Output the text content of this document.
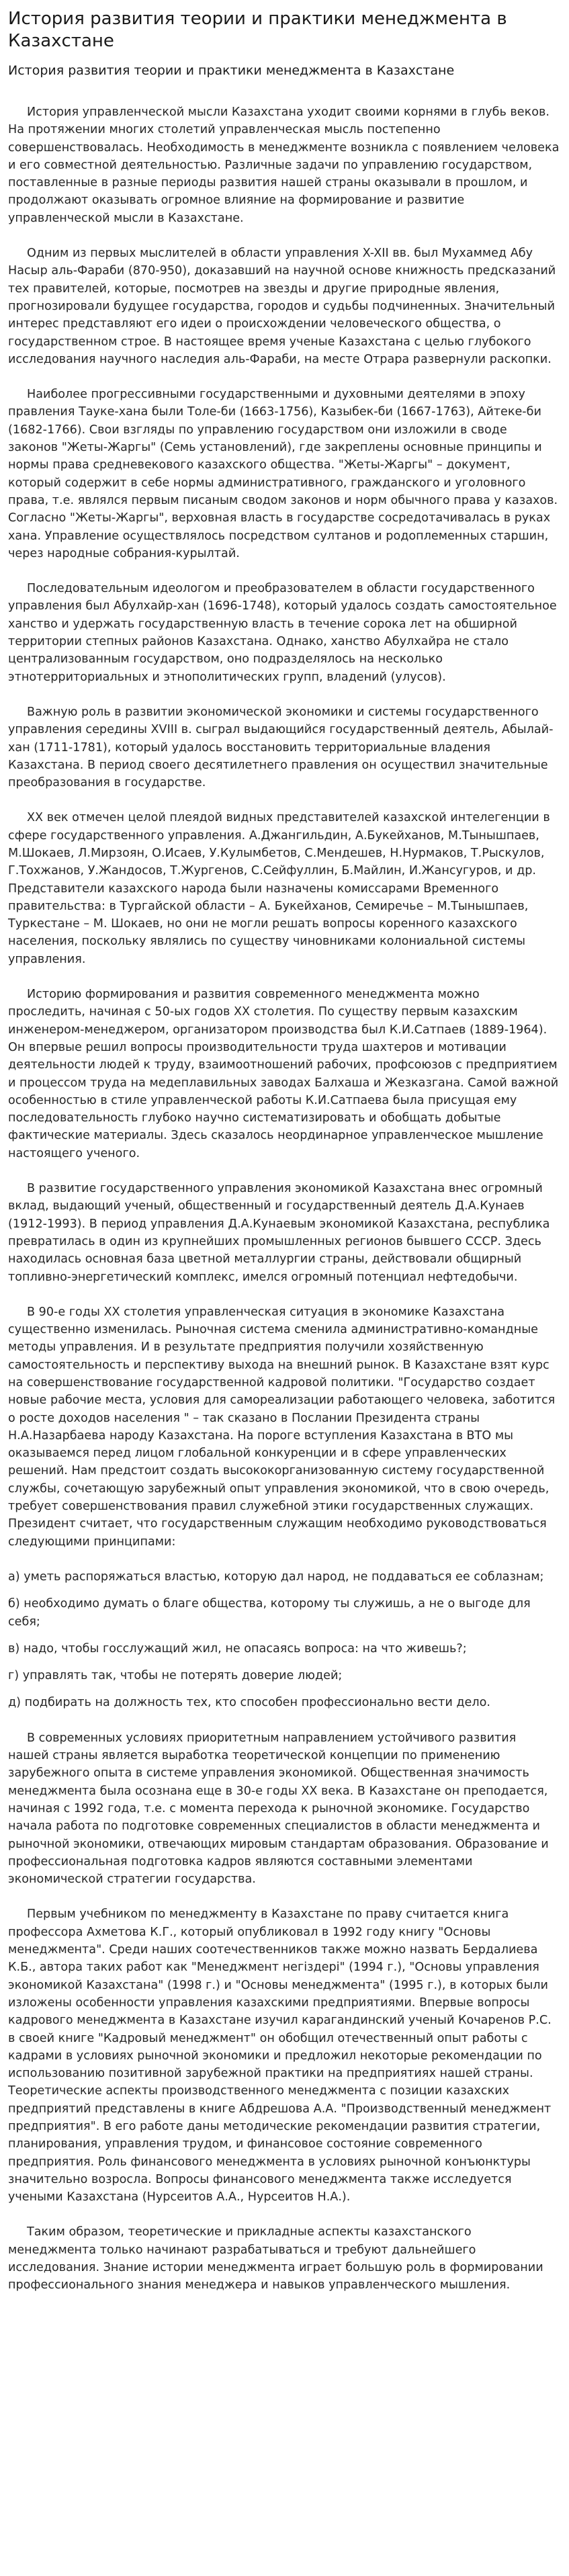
История развития теории и практики менеджмента в Казахстане
История развития теории и практики менеджмента в Казахстане

История управленческой мысли Казахстана уходит своими корнями в глубь веков. На протяжении многих столетий управленческая мысль постепенно совершенствовалась. Необходимость в менеджменте возникла с появлением человека и его совместной деятельностью. Различные задачи по управлению государством, поставленные в разные периоды развития нашей страны оказывали в прошлом, и продолжают оказывать огромное влияние на формирование и развитие управленческой мысли в Казахстане.

Одним из первых мыслителей в области управления X-XII вв. был Мухаммед Абу Насыр аль-Фараби (870-950), доказавший на научной основе книжность предсказаний тех правителей, которые, посмотрев на звезды и другие природные явления, прогнозировали будущее государства, городов и судьбы подчиненных. Значительный интерес представляют его идеи о происхождении человеческого общества, о государственном строе. В настоящее время ученые Казахстана с целью глубокого исследования научного наследия аль-Фараби, на месте Отрара развернули раскопки.

Наиболее прогрессивными государственными и духовными деятелями в эпоху правления Тауке-хана были Толе-би (1663-1756), Казыбек-би (1667-1763), Айтеке-би (1682-1766). Свои взгляды по управлению государством они изложили в своде законов "Жеты-Жаргы" (Семь установлений), где закреплены основные принципы и нормы права средневекового казахского общества. "Жеты-Жаргы" – документ, который содержит в себе нормы административного, гражданского и уголовного права, т.е. являлся первым писаным сводом законов и норм обычного права у казахов. Согласно "Жеты-Жаргы", верховная власть в государстве сосредотачивалась в руках хана. Управление осуществлялось посредством султанов и родоплеменных старшин, через народные собрания-курылтай.

Последовательным идеологом и преобразователем в области государственного управления был Абулхайр-хан (1696-1748), который удалось создать самостоятельное ханство и удержать государственную власть в течение сорока лет на обширной территории степных районов Казахстана. Однако, ханство Абулхайра не стало централизованным государством, оно подразделялось на несколько этнотерриториальных и этнополитических групп, владений (улусов).

Важную роль в развитии экономической экономики и системы государственного управления середины XVIII в. сыграл выдающийся государственный деятель, Абылай-хан (1711-1781), который удалось восстановить территориальные владения Казахстана. В период своего десятилетнего правления он осуществил значительные преобразования в государстве.

XX век отмечен целой плеядой видных представителей казахской интелегенции в сфере государственного управления. А.Джангильдин, А.Букейханов, М.Тынышпаев, М.Шокаев, Л.Мирзоян, О.Исаев, У.Кулымбетов, С.Мендешев, Н.Нурмаков, Т.Рыскулов, Г.Тохжанов, У.Жандосов, Т.Жургенов, С.Сейфуллин, Б.Майлин, И.Жансугуров, и др. Представители казахского народа были назначены комиссарами Временного правительства: в Тургайской области – А. Букейханов, Семиречье – М.Тынышпаев, Туркестане – М. Шокаев, но они не могли решать вопросы коренного казахского населения, поскольку являлись по существу чиновниками колониальной системы управления.

Историю формирования и развития современного менеджмента можно проследить, начиная с 50-ых годов XX столетия. По существу первым казахским инженером-менеджером, организатором производства был К.И.Сатпаев (1889-1964). Он впервые решил вопросы производительности труда шахтеров и мотивации деятельности людей к труду, взаимоотношений рабочих, профсоюзов с предприятием и процессом труда на медеплавильных заводах Балхаша и Жезказгана. Самой важной особенностью в стиле управленческой работы К.И.Сатпаева была присущая ему последовательность глубоко научно систематизировать и обобщать добытые фактические материалы. Здесь сказалось неординарное управленческое мышление настоящего ученого.

В развитие государственного управления экономикой Казахстана внес огромный вклад, выдающий ученый, общественный и государственный деятель Д.А.Кунаев (1912-1993). В период управления Д.А.Кунаевым экономикой Казахстана, республика превратилась в один из крупнейших промышленных регионов бывшего СССР. Здесь находилась основная база цветной металлургии страны, действовали общирный топливно-энергетический комплекс, имелся огромный потенциал нефтедобычи.

В 90-е годы XX столетия управленческая ситуация в экономике Казахстана существенно изменилась. Рыночная система сменила административно-командные методы управления. И в результате предприятия получили хозяйственную самостоятельность и перспективу выхода на внешний рынок. В Казахстане взят курс на совершенствование государственной кадровой политики. "Государство создает новые рабочие места, условия для самореализации работающего человека, заботится о росте доходов населения " – так сказано в Послании Президента страны Н.А.Назарбаева народу Казахстана. На пороге вступления Казахстана в ВТО мы оказываемся перед лицом глобальной конкуренции и в сфере управленческих решений. Нам предстоит создать высококорганизованную систему государственной службы, сочетающую зарубежный опыт управления экономикой, что в свою очередь, требует совершенствования правил служебной этики государственных служащих. Президент считает, что государственным служащим необходимо руководствоваться следующими принципами:

а) уметь распоряжаться властью, которую дал народ, не поддаваться ее соблазнам;

б) необходимо думать о благе общества, которому ты служишь, а не о выгоде для себя;

в) надо, чтобы госслужащий жил, не опасаясь вопроса: на что живешь?;

г) управлять так, чтобы не потерять доверие людей;

д) подбирать на должность тех, кто способен профессионально вести дело.

В современных условиях приоритетным направлением устойчивого развития нашей страны является выработка теоретической концепции по применению зарубежного опыта в системе управления экономикой. Общественная значимость менеджмента была осознана еще в 30-е годы XX века. В Казахстане он преподается, начиная с 1992 года, т.е. с момента перехода к рыночной экономике. Государство начала работа по подготовке современных специалистов в области менеджмента и рыночной экономики, отвечающих мировым стандартам образования. Образование и профессиональная подготовка кадров являются составными элементами экономической стратегии государства.

Первым учебником по менеджменту в Казахстане по праву считается книга профессора Ахметова К.Г., который опубликовал в 1992 году книгу "Основы менеджмента". Среди наших соотечественников также можно назвать Бердалиева К.Б., автора таких работ как "Менеджмент негіздері" (1994 г.), "Основы управления экономикой Казахстана" (1998 г.) и "Основы менеджмента" (1995 г.), в которых были изложены особенности управления казахскими предприятиями. Впервые вопросы кадрового менеджмента в Казахстане изучил карагандинский ученый Кочаренов Р.С. в своей книге "Кадровый менеджмент" он обобщил отечественный опыт работы с кадрами в условиях рыночной экономики и предложил некоторые рекомендации по использованию позитивной зарубежной практики на предприятиях нашей страны. Теоретические аспекты производственного менеджмента с позиции казахских предприятий представлены в книге Абдрешова А.А. "Производственный менеджмент предприятия". В его работе даны методические рекомендации развития стратегии, планирования, управления трудом, и финансовое состояние современного предприятия. Роль финансового менеджмента в условиях рыночной конъюнктуры значительно возросла. Вопросы финансового менеджмента также исследуется учеными Казахстана (Нурсеитов А.А., Нурсеитов Н.А.).

Таким образом, теоретические и прикладные аспекты казахстанского менеджмента только начинают разрабатываться и требуют дальнейшего исследования. Знание истории менеджмента играет большую роль в формировании профессионального знания менеджера и навыков управленческого мышления.
